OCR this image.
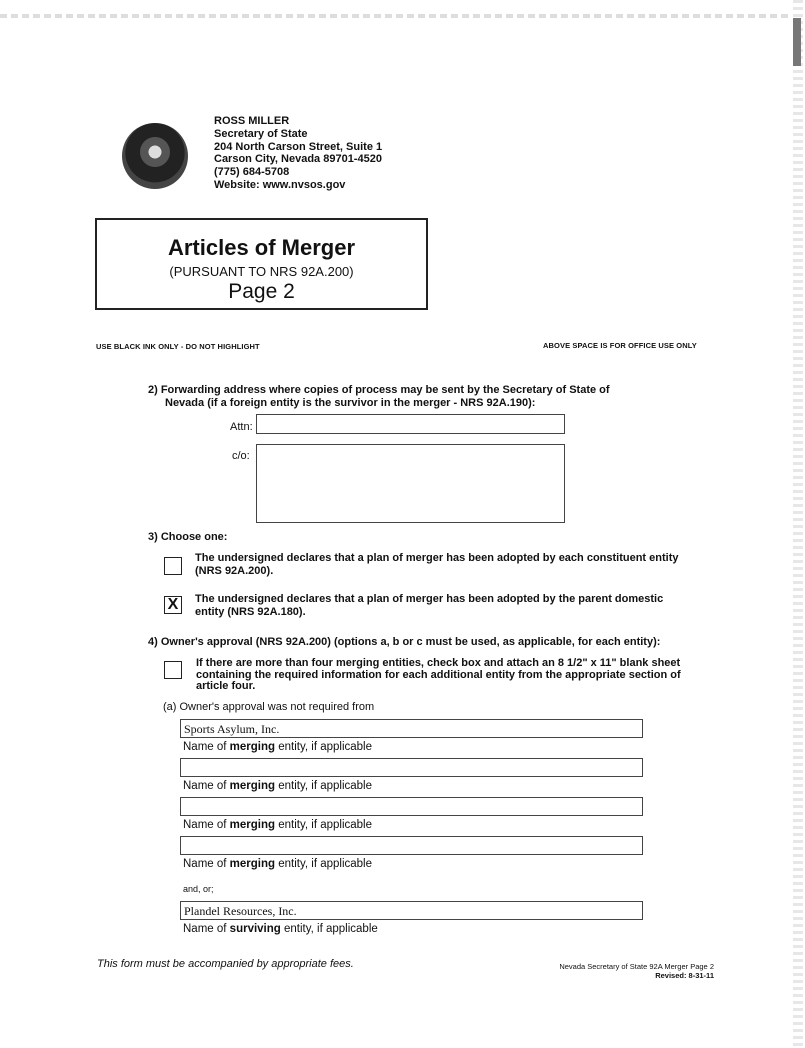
ROSS MILLER
Secretary of State
204 North Carson Street, Suite 1
Carson City, Nevada 89701-4520
(775) 684-5708
Website: www.nvsos.gov
Articles of Merger
(PURSUANT TO NRS 92A.200)
Page 2
USE BLACK INK ONLY - DO NOT HIGHLIGHT	ABOVE SPACE IS FOR OFFICE USE ONLY
2) Forwarding address where copies of process may be sent by the Secretary of State of
Nevada (if a foreign entity is the survivor in the merger - NRS 92A.190):
Attn:
c/o:
3) Choose one:
The undersigned declares that a plan of merger has been adopted by each constituent entity
(NRS 92A.200).
X	The undersigned declares that a plan of merger has been adopted by the parent domestic
entity (NRS 92A.180).
4) Owner's approval (NRS 92A.200) (options a, b or c must be used, as applicable, for each entity):
If there are more than four merging entities, check box and attach an 8 1/2" x 11" blank sheet
containing the required information for each additional entity from the appropriate section of
article four.
(a) Owner's approval was not required from
Sports Asylum, Inc.
Name of merging entity, if applicable
Name of merging entity, if applicable
Name of merging entity, if applicable
Name of merging entity, if applicable
and, or;
Plandel Resources, Inc.
Name of surviving entity, if applicable
This form must be accompanied by appropriate fees.	Nevada Secretary of State 92A Merger Page 2
Revised: 8-31-11
